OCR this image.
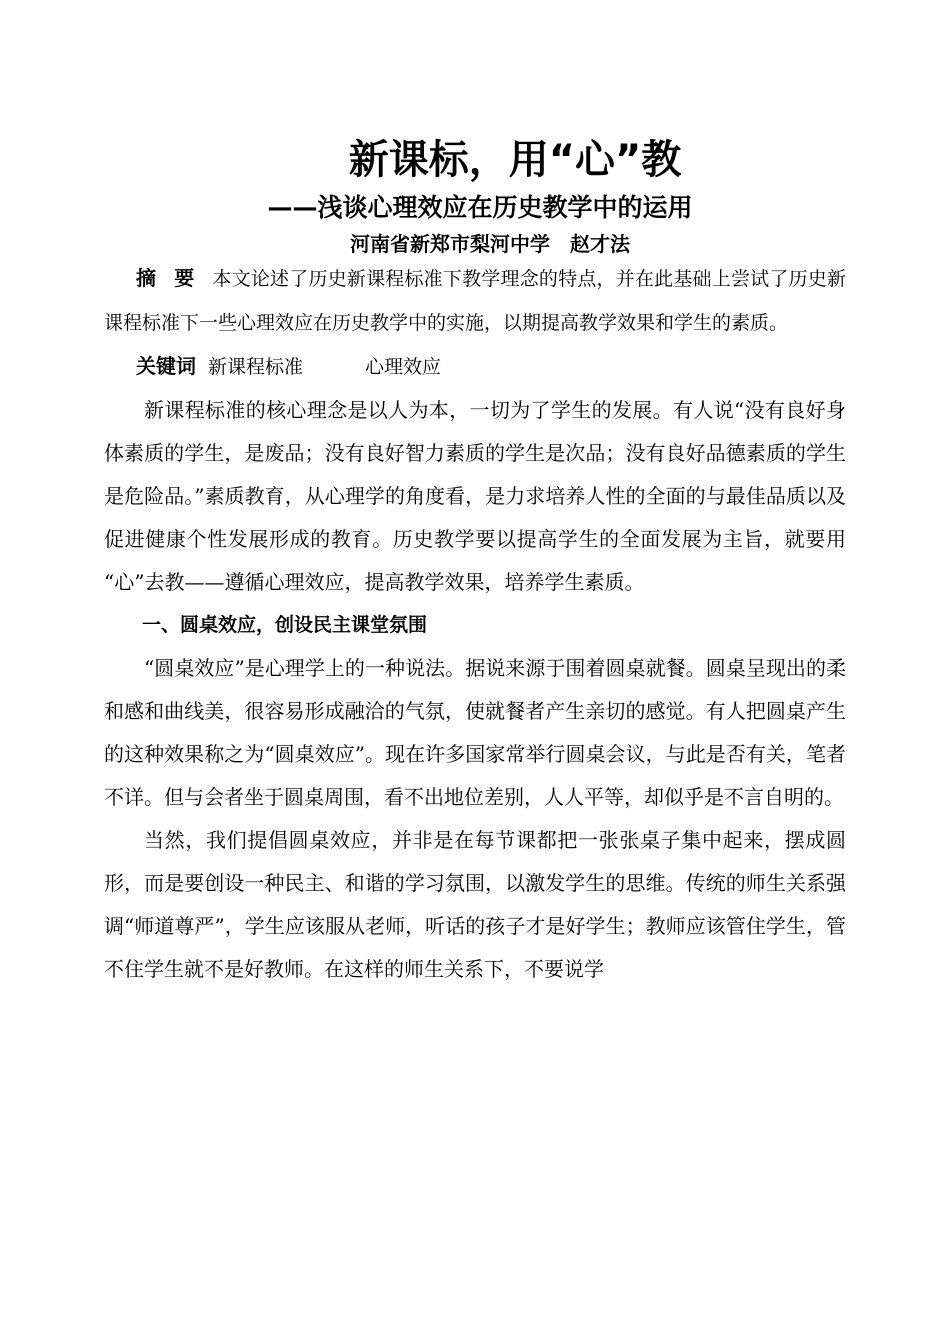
新课标，用“心”教
——浅谈心理效应在历史教学中的运用
河南省新郑市梨河中学　赵才法

摘要本文论述了历史新课程标准下教学理念的特点，并在此基础上尝试了历史新课程标准下一些心理效应在历史教学中的实施，以期提高教学效果和学生的素质。

关键词 新课程标准	心理效应

新课程标准的核心理念是以人为本，一切为了学生的发展。有人说“没有良好身体素质的学生，是废品；没有良好智力素质的学生是次品；没有良好品德素质的学生是危险品。”素质教育，从心理学的角度看，是力求培养人性的全面的与最佳品质以及促进健康个性发展形成的教育。历史教学要以提高学生的全面发展为主旨，就要用 “心”去教——遵循心理效应，提高教学效果，培养学生素质。

一、圆桌效应，创设民主课堂氛围

“圆桌效应”是心理学上的一种说法。据说来源于围着圆桌就餐。圆桌呈现出的柔和感和曲线美，很容易形成融洽的气氛，使就餐者产生亲切的感觉。有人把圆桌产生的这种效果称之为“圆桌效应”。现在许多国家常举行圆桌会议，与此是否有关，笔者不详。但与会者坐于圆桌周围，看不出地位差别，人人平等，却似乎是不言自明的。

当然，我们提倡圆桌效应，并非是在每节课都把一张张桌子集中起来，摆成圆形，而是要创设一种民主、和谐的学习氛围，以激发学生的思维。传统的师生关系强调“师道尊严”，学生应该服从老师，听话的孩子才是好学生；教师应该管住学生，管不住学生就不是好教师。在这样的师生关系下，不要说学
